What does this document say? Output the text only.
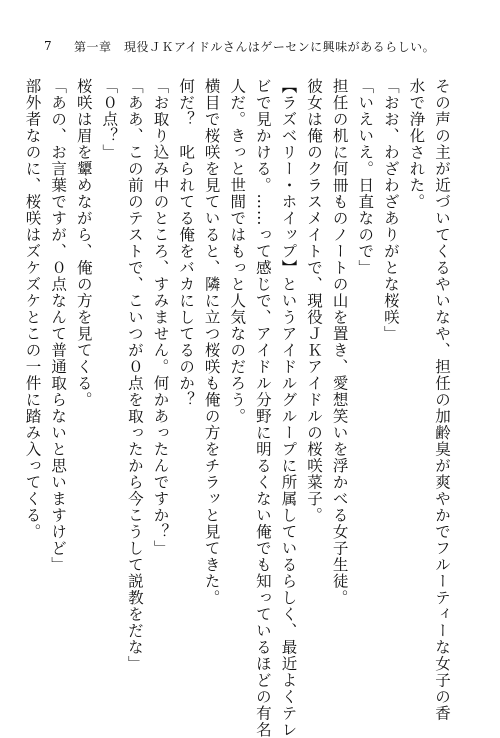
7	第一章　現役ＪＫアイドルさんはゲーセンに興味があるらしい。
その声の主が近づいてくるやいなや、担任の加齢臭が爽やかでフルーティーな女子の香
水で浄化された。
「おお、わざわざありがとな桜咲」
「いえいえ。日直なので」
担任の机に何冊ものノートの山を置き、愛想笑いを浮かべる女子生徒。
彼女は俺のクラスメイトで、現役ＪＫアイドルの桜咲菜子。
【ラズベリー・ホイップ】というアイドルグループに所属しているらしく、最近よくテレ
ビで見かける。……って感じで、アイドル分野に明るくない俺でも知っているほどの有名
人だ。きっと世間ではもっと人気なのだろう。
横目で桜咲を見ていると、隣に立つ桜咲も俺の方をチラッと見てきた。
何だ？　叱られてる俺をバカにしてるのか？
「お取り込み中のところ、すみません。何かあったんですか？」
「ああ、この前のテストで、こいつが０点を取ったから今こうして説教をだな」
「０点？」
桜咲は眉を顰めながら、俺の方を見てくる。
「あの、お言葉ですが、０点なんて普通取らないと思いますけど」
部外者なのに、桜咲はズケズケとこの一件に踏み入ってくる。
